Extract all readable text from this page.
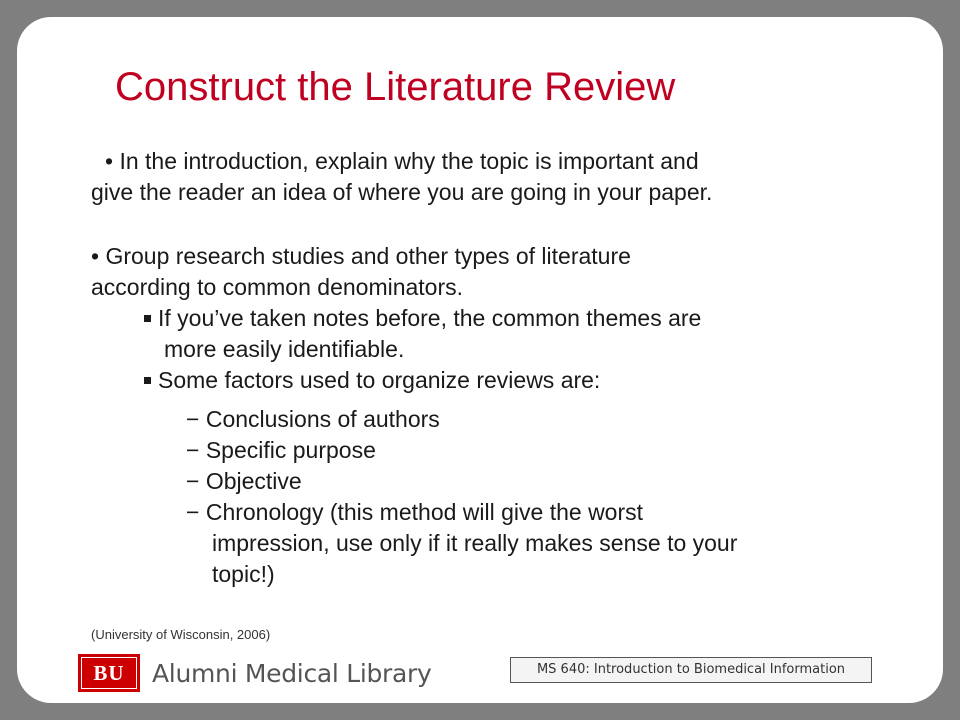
Construct the Literature Review
• In the introduction, explain why the topic is important and
give the reader an idea of where you are going in your paper.
• Group research studies and other types of literature
according to common denominators.
If you’ve taken notes before, the common themes are
more easily identifiable.
Some factors used to organize reviews are:
− Conclusions of authors
− Specific purpose
− Objective
− Chronology (this method will give the worst
impression, use only if it really makes sense to your
topic!)
(University of Wisconsin, 2006)
BU	Alumni Medical Library	MS 640: Introduction to Biomedical Information
